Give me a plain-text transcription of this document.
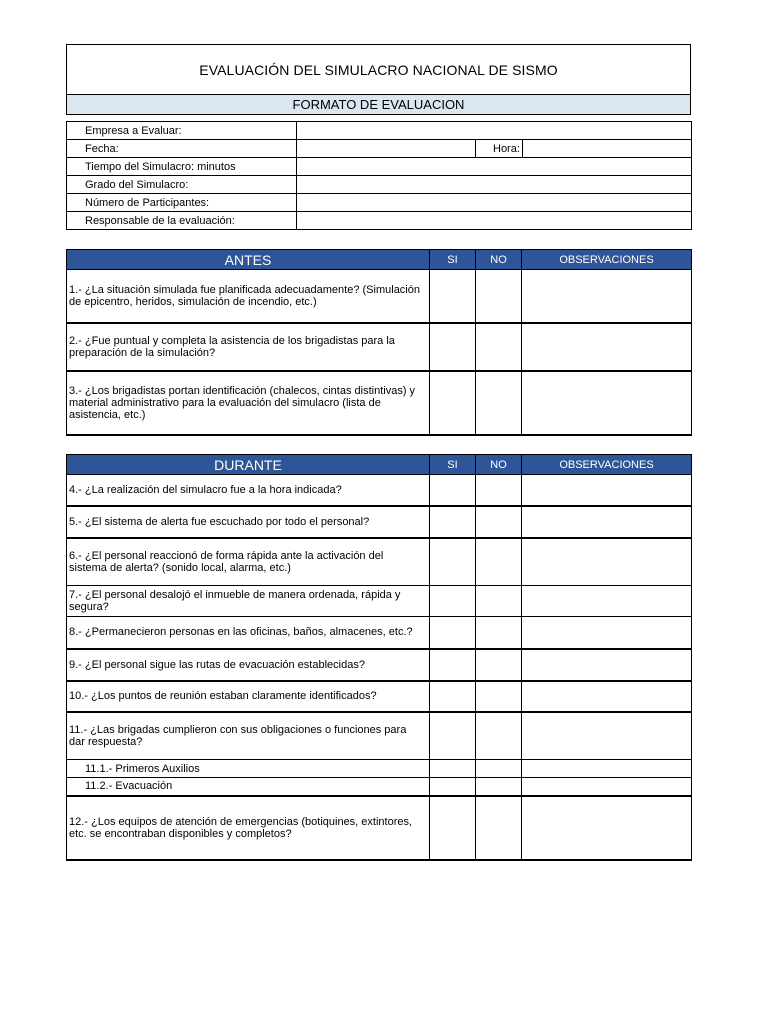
EVALUACIÓN DEL SIMULACRO NACIONAL DE SISMO
FORMATO DE EVALUACION
Empresa a Evaluar:			
Fecha:		Hora:	
Tiempo del Simulacro: minutos			
Grado del Simulacro:			
Número de Participantes:			
Responsable de la evaluación:			
ANTES	SI	NO	OBSERVACIONES
1.- ¿La situación simulada fue planificada adecuadamente? (Simulación de epicentro, heridos, simulación de incendio, etc.)			
2.- ¿Fue puntual y completa la asistencia de los brigadistas para la preparación de la simulación?			
3.- ¿Los brigadistas portan identificación (chalecos, cintas distintivas) y material administrativo para la evaluación del simulacro (lista de asistencia, etc.)			
DURANTE	SI	NO	OBSERVACIONES
4.- ¿La realización del simulacro fue a la hora indicada?			
5.- ¿El sistema de alerta fue escuchado por todo el personal?			
6.- ¿El personal reaccionó de forma rápida ante la activación del sistema de alerta? (sonido local, alarma, etc.)			
7.- ¿El personal desalojó el inmueble de manera ordenada, rápida y segura?			
8.- ¿Permanecieron personas en las oficinas, baños, almacenes, etc.?			
9.- ¿El personal sigue las rutas de evacuación establecidas?			
10.- ¿Los puntos de reunión estaban claramente identificados?			
11.- ¿Las brigadas cumplieron con sus obligaciones o funciones para dar respuesta?			
11.1.- Primeros Auxilios			
11.2.- Evacuación			
12.- ¿Los equipos de atención de emergencias (botiquines, extintores, etc. se encontraban disponibles y completos?			
